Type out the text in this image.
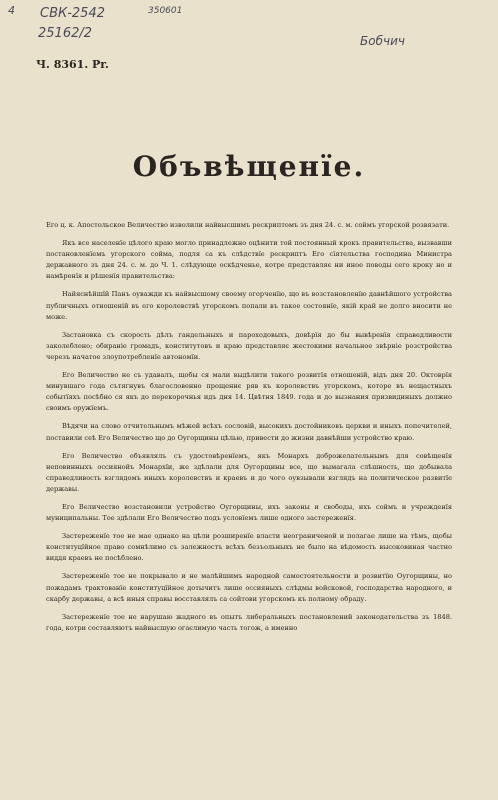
4 СВК-2542	350601
25162/2	Бобчич
Ч. 8361. Pr.
Объвѣщенїе.

Его ц. к. Апостольское Величество изволили найвысшимъ рескриптомъ зъ дня 24. с. м. соймъ угорской розвязати.

Якъ все населенїе цѣлого краю могло принадлежно оцѣнити той постоянный крокъ правительства, вызвавши постановленїемъ угорского сойма, подля са къ слѣдствїе рескриптъ Его сїятельства господина Министра державного зъ дня 24. с. м. до Ч. 1. слѣдующе оскѣдченье, котре представляє ни иное поводы сего кроку но и намѣренїя и рѣшенїя правительства:

Найяснѣйшїй Панъ оуважди къ найвысшому своему огорченїю, що въ возстановленїю давнѣйшого устройства публичныхъ отношеній въ его королевствѣ угорскомъ попали въ такое состоянїе, якій край не долго вносити не може.

Застановка съ скорость дѣлъ гандельныхъ и пароходовыхъ, довѣрїя до бы вывѣренїя справедливости заколеблено; обираніе громадъ, конститутовъ и краю представляє жестокими начальное звѣрніе розстройства черезъ начатое злоупотребленїе автономїи.

Его Величество не съ удавалъ, щобы ся мали выдѣлити такого розвитїя отношеній, відъ дня 20. Октоврїя минувшаго года сътягнувъ благословенно прощеннє ряв къ королевствъ угорскомъ, которе въ нещастныхъ событїяхъ посѣбно ся якъ до перекорочнья идъ дня 14. Цвѣтня 1849. года и до вызнания призвидиныхъ должно своимъ оружїемъ.

Вѣдячи на слово отчительнымъ мѣжей всѣхъ сословій, высокихъ достойниковъ церкви и иныхъ попечителей, поставили сеѣ Его Величество що до Оугорщины цѣлью, привести до жизни давнѣйши устройство краю.

Его Величество объявлялъ съ удостовѣренїемъ, якъ Монархъ доброжелательнымъ для совѣщенїя неповинныхъ оссиянойъ Монархїи, же здѣлали для Оугорщины все, що вымагала слѣшность, що добывала справедливость взглядомъ иныхъ королевствъ и краевъ и до чого оувзывали взглядъ на политическое развитїе державы.

Его Величество возстановили устройство Оугорщины, ихъ законы и свободы, ихъ соймъ и учрежденїя муниципальны. Тое здѣлали Его Величество подъ условїемъ лише одного застереженїя.

Застереженїе тое не мае однако на цѣли розширенїе власти неограниченой и полагае лише на тѣмъ, щобы конституцїйное право сомнѣлимо съ залежностъ всѣхъ безъольныхъ не было на вѣдомость высоковиная частно виддя краевъ не посѣблено.

Застереженїе тое не покрывало и не малѣйшимъ народной самостоятельности и розвитїю Оугорщины, но пожадамъ трактованїе конституцїйное дотычитъ лише оссияныхъ слѣдмы войсковой, господарства народного, и скарбу державы, а всѣ иныя справы восставлялъ са сойтови угорскомъ къ полному обраду.

Застереженїе тое не нарушаю жадного въ опытъ либеральныхъ постановлений законодательства зъ 1848. года, котри составляютъ найвысшую огаєлимую часть тогож, а именно
